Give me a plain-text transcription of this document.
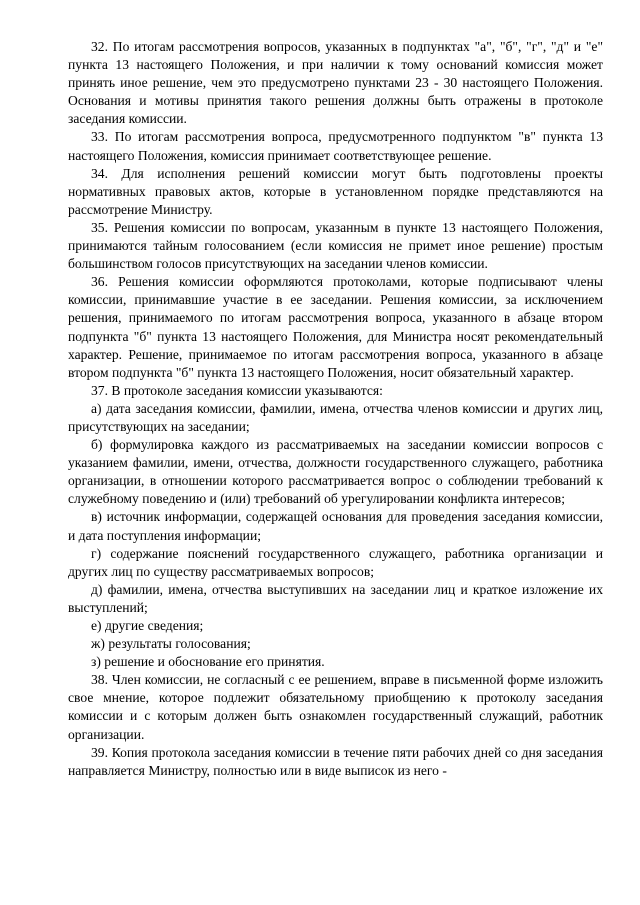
32. По итогам рассмотрения вопросов, указанных в подпунктах "а", "б", "г", "д" и "е" пункта 13 настоящего Положения, и при наличии к тому оснований комиссия может принять иное решение, чем это предусмотрено пунктами 23 - 30 настоящего Положения. Основания и мотивы принятия такого решения должны быть отражены в протоколе заседания комиссии.

33. По итогам рассмотрения вопроса, предусмотренного подпунктом "в" пункта 13 настоящего Положения, комиссия принимает соответствующее решение.

34. Для исполнения решений комиссии могут быть подготовлены проекты нормативных правовых актов, которые в установленном порядке представляются на рассмотрение Министру.

35. Решения комиссии по вопросам, указанным в пункте 13 настоящего Положения, принимаются тайным голосованием (если комиссия не примет иное решение) простым большинством голосов присутствующих на заседании членов комиссии.

36. Решения комиссии оформляются протоколами, которые подписывают члены комиссии, принимавшие участие в ее заседании. Решения комиссии, за исключением решения, принимаемого по итогам рассмотрения вопроса, указанного в абзаце втором подпункта "б" пункта 13 настоящего Положения, для Министра носят рекомендательный характер. Решение, принимаемое по итогам рассмотрения вопроса, указанного в абзаце втором подпункта "б" пункта 13 настоящего Положения, носит обязательный характер.

37. В протоколе заседания комиссии указываются:

а) дата заседания комиссии, фамилии, имена, отчества членов комиссии и других лиц, присутствующих на заседании;

б) формулировка каждого из рассматриваемых на заседании комиссии вопросов с указанием фамилии, имени, отчества, должности государственного служащего, работника организации, в отношении которого рассматривается вопрос о соблюдении требований к служебному поведению и (или) требований об урегулировании конфликта интересов;

в) источник информации, содержащей основания для проведения заседания комиссии, и дата поступления информации;

г) содержание пояснений государственного служащего, работника организации и других лиц по существу рассматриваемых вопросов;

д) фамилии, имена, отчества выступивших на заседании лиц и краткое изложение их выступлений;

е) другие сведения;

ж) результаты голосования;

з) решение и обоснование его принятия.

38. Член комиссии, не согласный с ее решением, вправе в письменной форме изложить свое мнение, которое подлежит обязательному приобщению к протоколу заседания комиссии и с которым должен быть ознакомлен государственный служащий, работник организации.

39. Копия протокола заседания комиссии в течение пяти рабочих дней со дня заседания направляется Министру, полностью или в виде выписок из него -
